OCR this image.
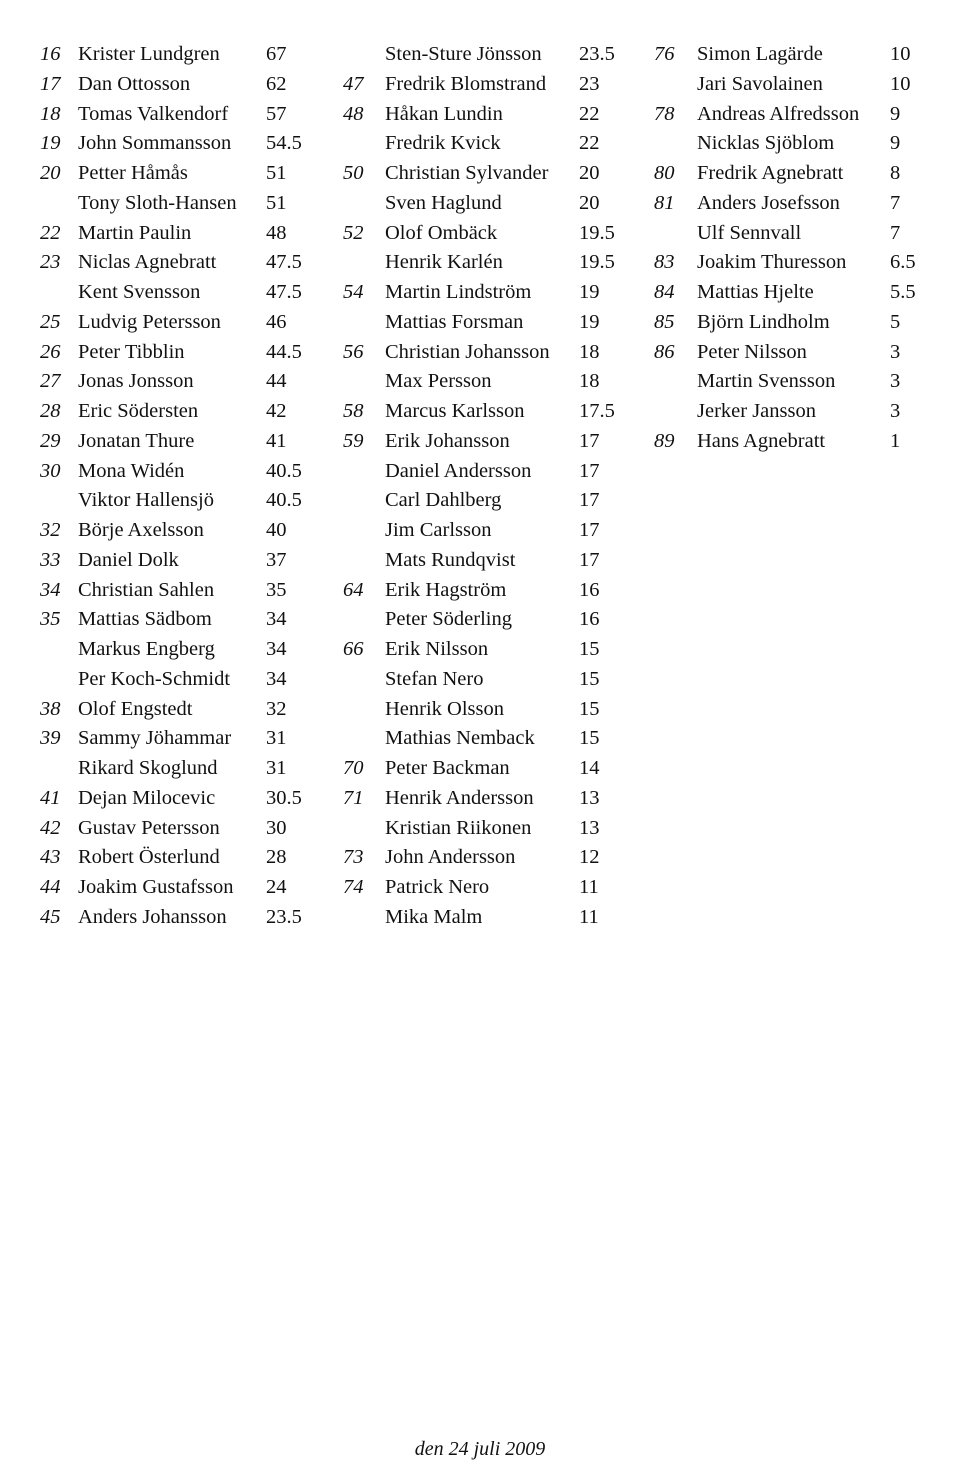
16 Krister Lundgren 67
17 Dan Ottosson	62
18 Tomas Valkendorf 57
19 John Sommansson 54.5
20 Petter Håmås	51
Tony Sloth-Hansen 51
22 Martin Paulin	48
23 Niclas Agnebratt 47.5
Kent Svensson	47.5
25 Ludvig Petersson 46
26 Peter Tibblin	44.5
27 Jonas Jonsson	44
28 Eric Södersten	42
29 Jonatan Thure	41
30 Mona Widén	40.5
Viktor Hallensjö	40.5
32 Börje Axelsson	40
33 Daniel Dolk	37
34 Christian Sahlen	35
35 Mattias Sädbom	34
Markus Engberg 34
Per Koch-Schmidt 34
38 Olof Engstedt	32
39 Sammy Jöhammar 31
Rikard Skoglund 31
41 Dejan Milocevic 30.5
42 Gustav Petersson 30
43 Robert Österlund 28
44 Joakim Gustafsson 24
45 Anders Johansson 23.5
Sten-Sture Jönsson 23.5
47 Fredrik Blomstrand 23
48 Håkan Lundin	22
Fredrik Kvick	22
50 Christian Sylvander 20
Sven Haglund	20
52 Olof Ombäck	19.5
Henrik Karlén	19.5
54 Martin Lindström 19
Mattias Forsman	19
56 Christian Johansson 18
Max Persson	18
58 Marcus Karlsson	17.5
59 Erik Johansson	17
Daniel Andersson 17
Carl Dahlberg	17
Jim Carlsson	17
Mats Rundqvist	17
64 Erik Hagström	16
Peter Söderling	16
66 Erik Nilsson	15
Stefan Nero	15
Henrik Olsson	15
Mathias Nemback 15
70 Peter Backman	14
71 Henrik Andersson 13
Kristian Riikonen 13
73 John Andersson	12
74 Patrick Nero	11
Mika Malm	11
76 Simon Lagärde	10
Jari Savolainen	10
78 Andreas Alfredsson 9
Nicklas Sjöblom	9
80 Fredrik Agnebratt 8
81 Anders Josefsson 7
Ulf Sennvall	7
83 Joakim Thuresson 6.5
84 Mattias Hjelte	5.5
85 Björn Lindholm	5
86 Peter Nilsson	3
Martin Svensson	3
Jerker Jansson	3
89 Hans Agnebratt	1
den 24 juli 2009
